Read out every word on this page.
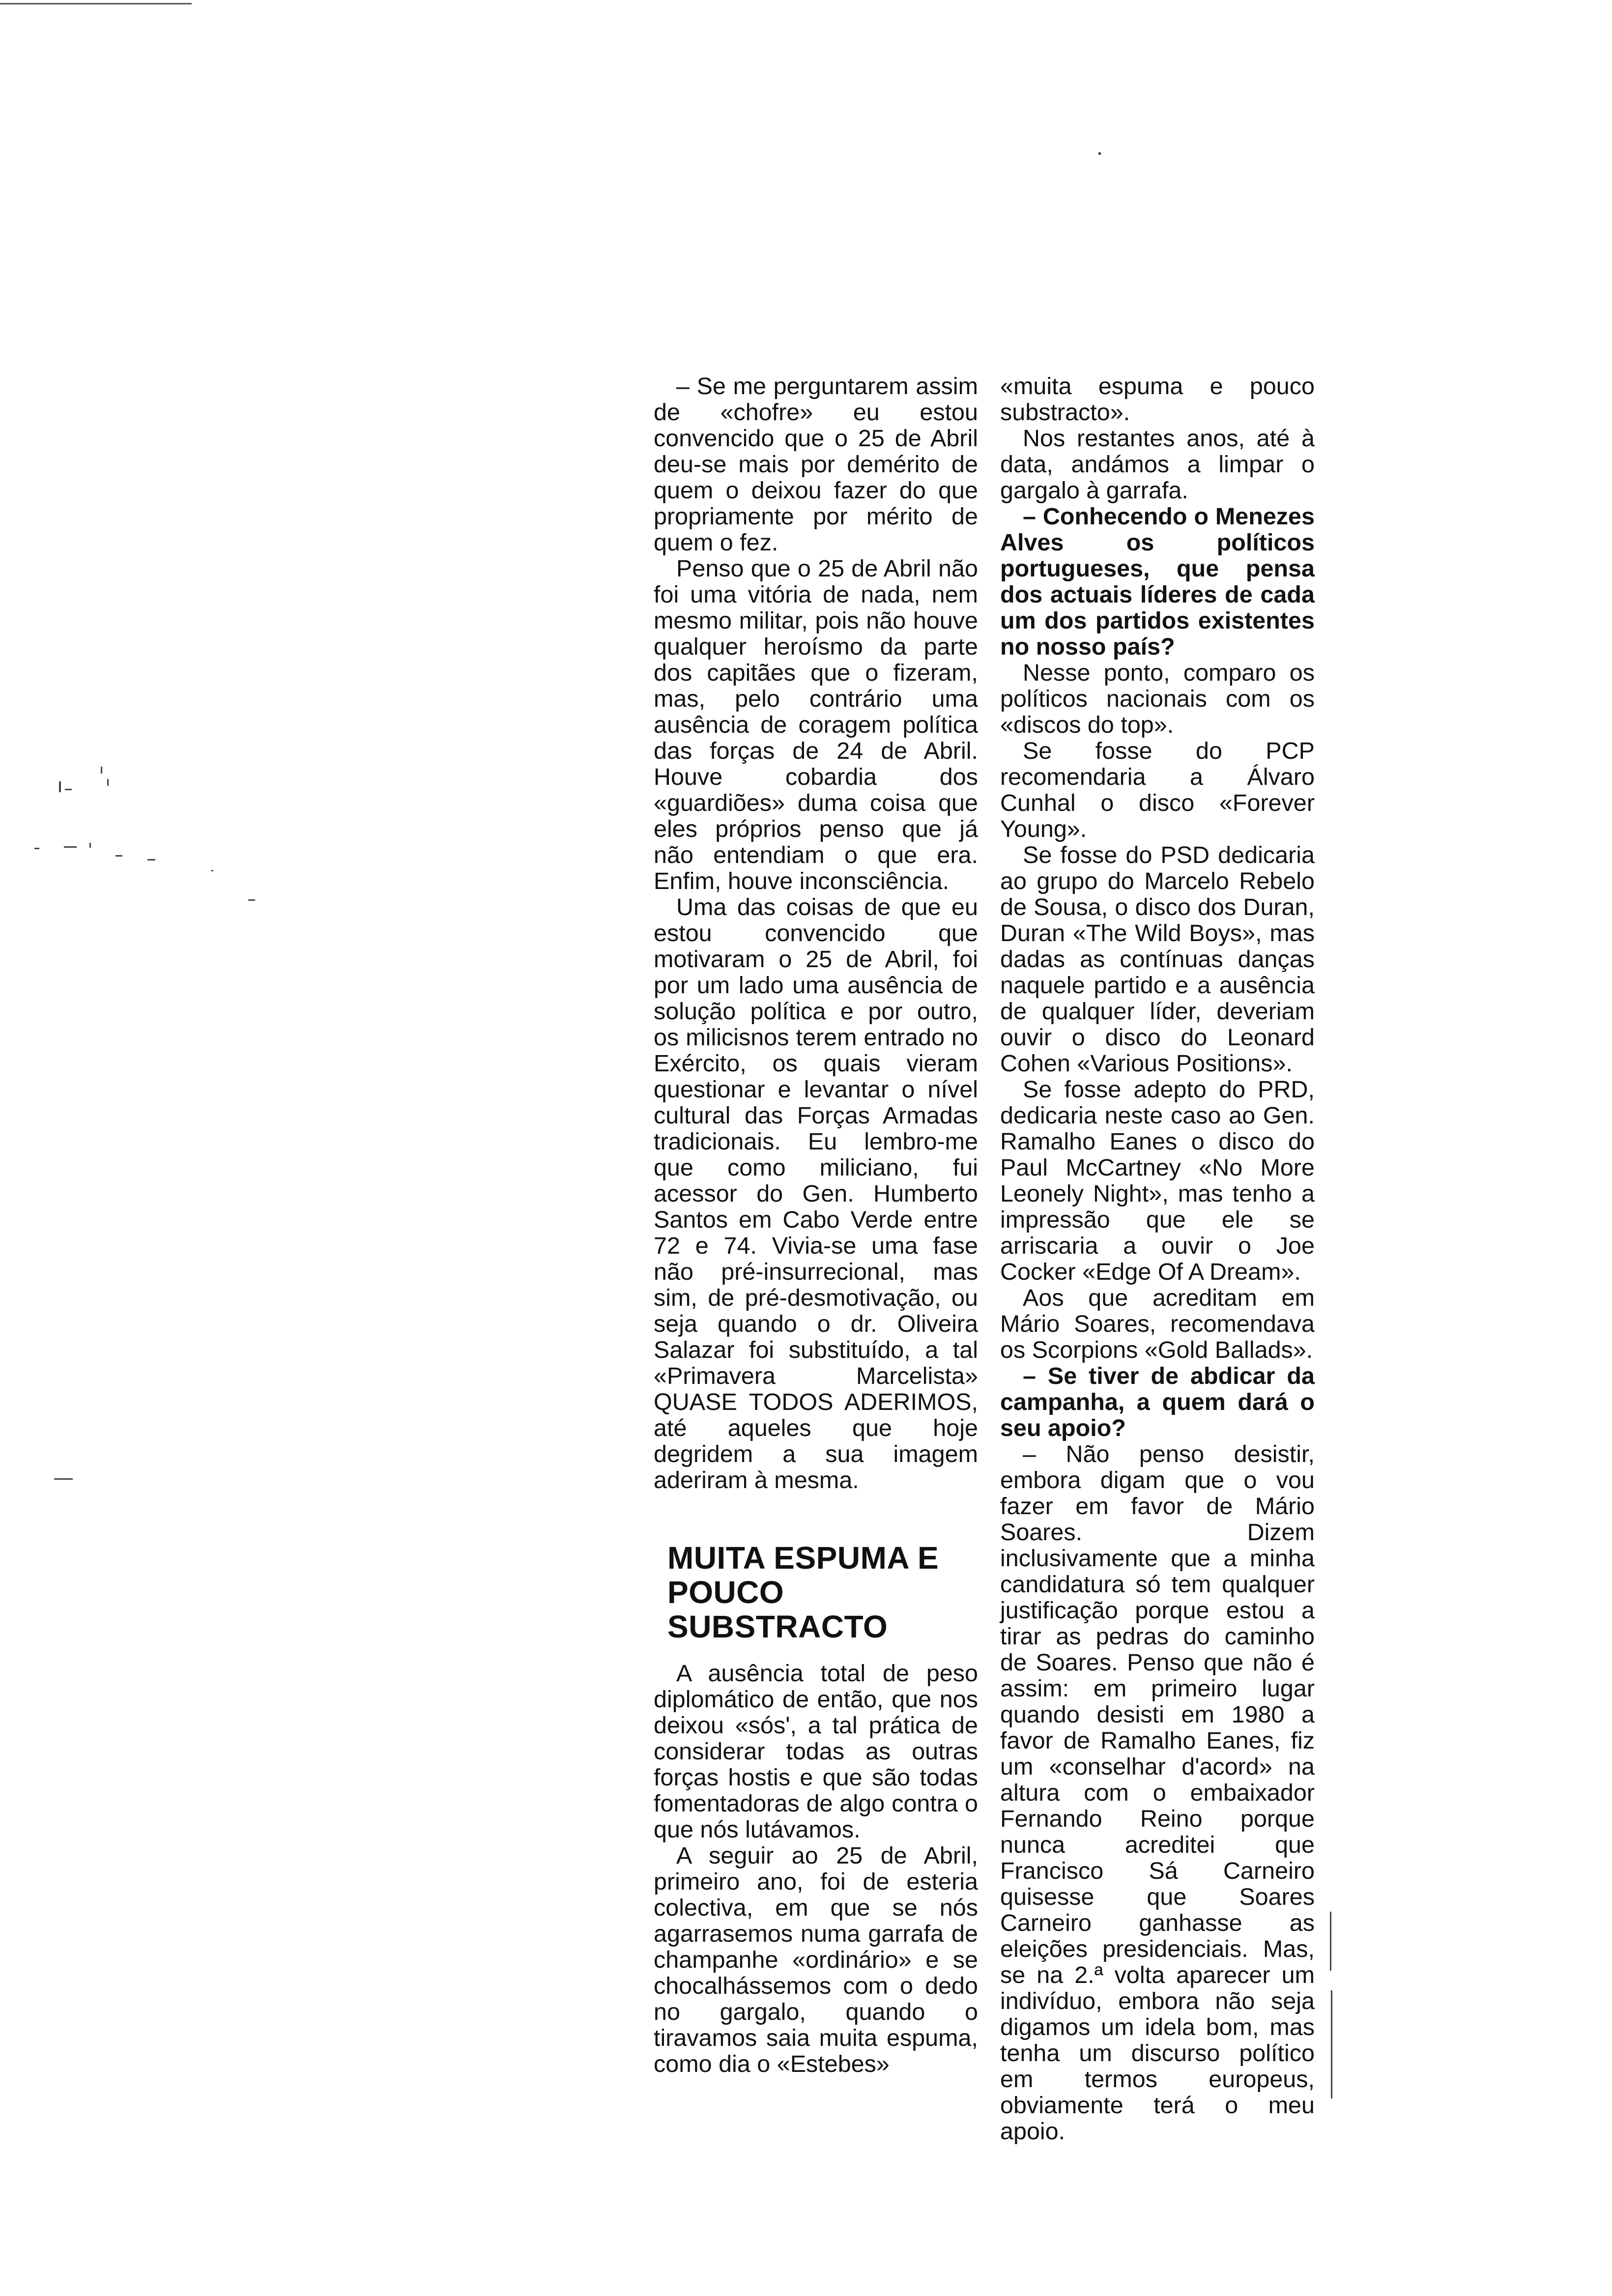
– Se me perguntarem assim de «chofre» eu estou convencido que o 25 de Abril deu-se mais por demérito de quem o deixou fazer do que propriamente por mérito de quem o fez.

Penso que o 25 de Abril não foi uma vitória de nada, nem mesmo militar, pois não houve qualquer heroísmo da parte dos capitães que o fizeram, mas, pelo contrário uma ausência de coragem política das forças de 24 de Abril. Houve cobardia dos «guardiões» duma coisa que eles próprios penso que já não entendiam o que era. Enfim, houve inconsciência.

Uma das coisas de que eu estou convencido que motivaram o 25 de Abril, foi por um lado uma ausência de solução política e por outro, os milicisnos terem entrado no Exército, os quais vieram questionar e levantar o nível cultural das Forças Armadas tradicionais. Eu lembro-me que como miliciano, fui acessor do Gen. Humberto Santos em Cabo Verde entre 72 e 74. Vivia-se uma fase não pré-insurrecional, mas sim, de pré-desmotivação, ou seja quando o dr. Oliveira Salazar foi substituído, a tal «Primavera Marcelista» QUASE TODOS ADERIMOS, até aqueles que hoje degridem a sua imagem aderiram à mesma.

MUITA ESPUMA E POUCO SUBSTRACTO

A ausência total de peso diplomático de então, que nos deixou «sós', a tal prática de considerar todas as outras forças hostis e que são todas fomentadoras de algo contra o que nós lutávamos.

A seguir ao 25 de Abril, primeiro ano, foi de esteria colectiva, em que se nós agarrasemos numa garrafa de champanhe «ordinário» e se chocalhássemos com o dedo no gargalo, quando o tiravamos saia muita espuma, como dia o «Estebes»

«muita espuma e pouco substracto».

Nos restantes anos, até à data, andámos a limpar o gargalo à garrafa.

– Conhecendo o Menezes Alves os políticos portugueses, que pensa dos actuais líderes de cada um dos partidos existentes no nosso país?

Nesse ponto, comparo os políticos nacionais com os «discos do top».

Se fosse do PCP recomendaria a Álvaro Cunhal o disco «Forever Young».

Se fosse do PSD dedicaria ao grupo do Marcelo Rebelo de Sousa, o disco dos Duran, Duran «The Wild Boys», mas dadas as contínuas danças naquele partido e a ausência de qualquer líder, deveriam ouvir o disco do Leonard Cohen «Various Positions».

Se fosse adepto do PRD, dedicaria neste caso ao Gen. Ramalho Eanes o disco do Paul McCartney «No More Leonely Night», mas tenho a impressão que ele se arriscaria a ouvir o Joe Cocker «Edge Of A Dream».

Aos que acreditam em Mário Soares, recomendava os Scorpions «Gold Ballads».

– Se tiver de abdicar da campanha, a quem dará o seu apoio?

– Não penso desistir, embora digam que o vou fazer em favor de Mário Soares. Dizem inclusivamente que a minha candidatura só tem qualquer justificação porque estou a tirar as pedras do caminho de Soares. Penso que não é assim: em primeiro lugar quando desisti em 1980 a favor de Ramalho Eanes, fiz um «conselhar d'acord» na altura com o embaixador Fernando Reino porque nunca acreditei que Francisco Sá Carneiro quisesse que Soares Carneiro ganhasse as eleições presidenciais. Mas, se na 2.ª volta aparecer um indivíduo, embora não seja digamos um idela bom, mas tenha um discurso político em termos europeus, obviamente terá o meu apoio.
